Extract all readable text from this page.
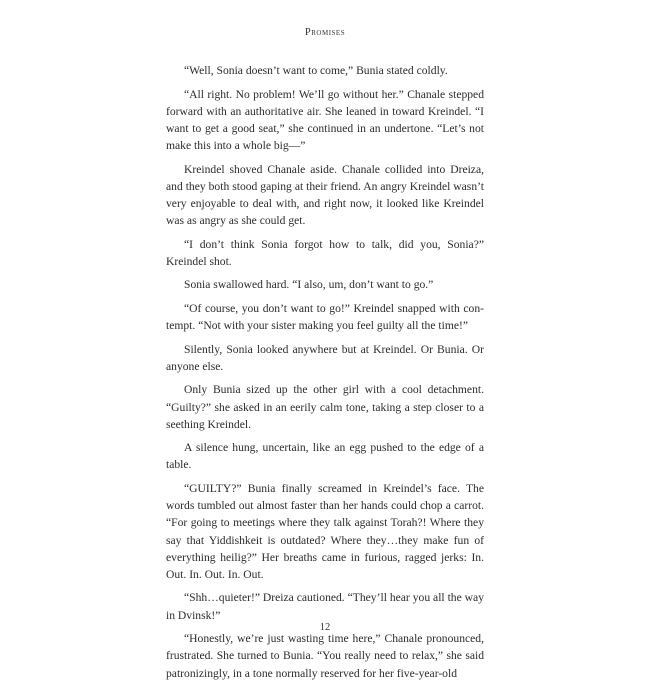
Promises

“Well, Sonia doesn’t want to come,” Bunia stated coldly.

“All right. No problem! We’ll go without her.” Chanale stepped forward with an authoritative air. She leaned in toward Kreindel. “I want to get a good seat,” she continued in an undertone. “Let’s not make this into a whole big—”

Kreindel shoved Chanale aside. Chanale collided into Dreiza, and they both stood gaping at their friend. An angry Kreindel wasn’t very enjoyable to deal with, and right now, it looked like Kreindel was as angry as she could get.

“I don’t think Sonia forgot how to talk, did you, Sonia?” Kreindel shot.

Sonia swallowed hard. “I also, um, don’t want to go.”

“Of course, you don’t want to go!” Kreindel snapped with contempt. “Not with your sister making you feel guilty all the time!”

Silently, Sonia looked anywhere but at Kreindel. Or Bunia. Or anyone else.

Only Bunia sized up the other girl with a cool detachment. “Guilty?” she asked in an eerily calm tone, taking a step closer to a seething Kreindel.

A silence hung, uncertain, like an egg pushed to the edge of a table.

“GUILTY?” Bunia finally screamed in Kreindel’s face. The words tumbled out almost faster than her hands could chop a carrot. “For going to meetings where they talk against Torah?! Where they say that Yiddishkeit is outdated? Where they…they make fun of everything heilig?” Her breaths came in furious, ragged jerks: In. Out. In. Out. In. Out.

“Shh…quieter!” Dreiza cautioned. “They’ll hear you all the way in Dvinsk!”

“Honestly, we’re just wasting time here,” Chanale pronounced, frustrated. She turned to Bunia. “You really need to relax,” she said patronizingly, in a tone normally reserved for her five-year-old

12
